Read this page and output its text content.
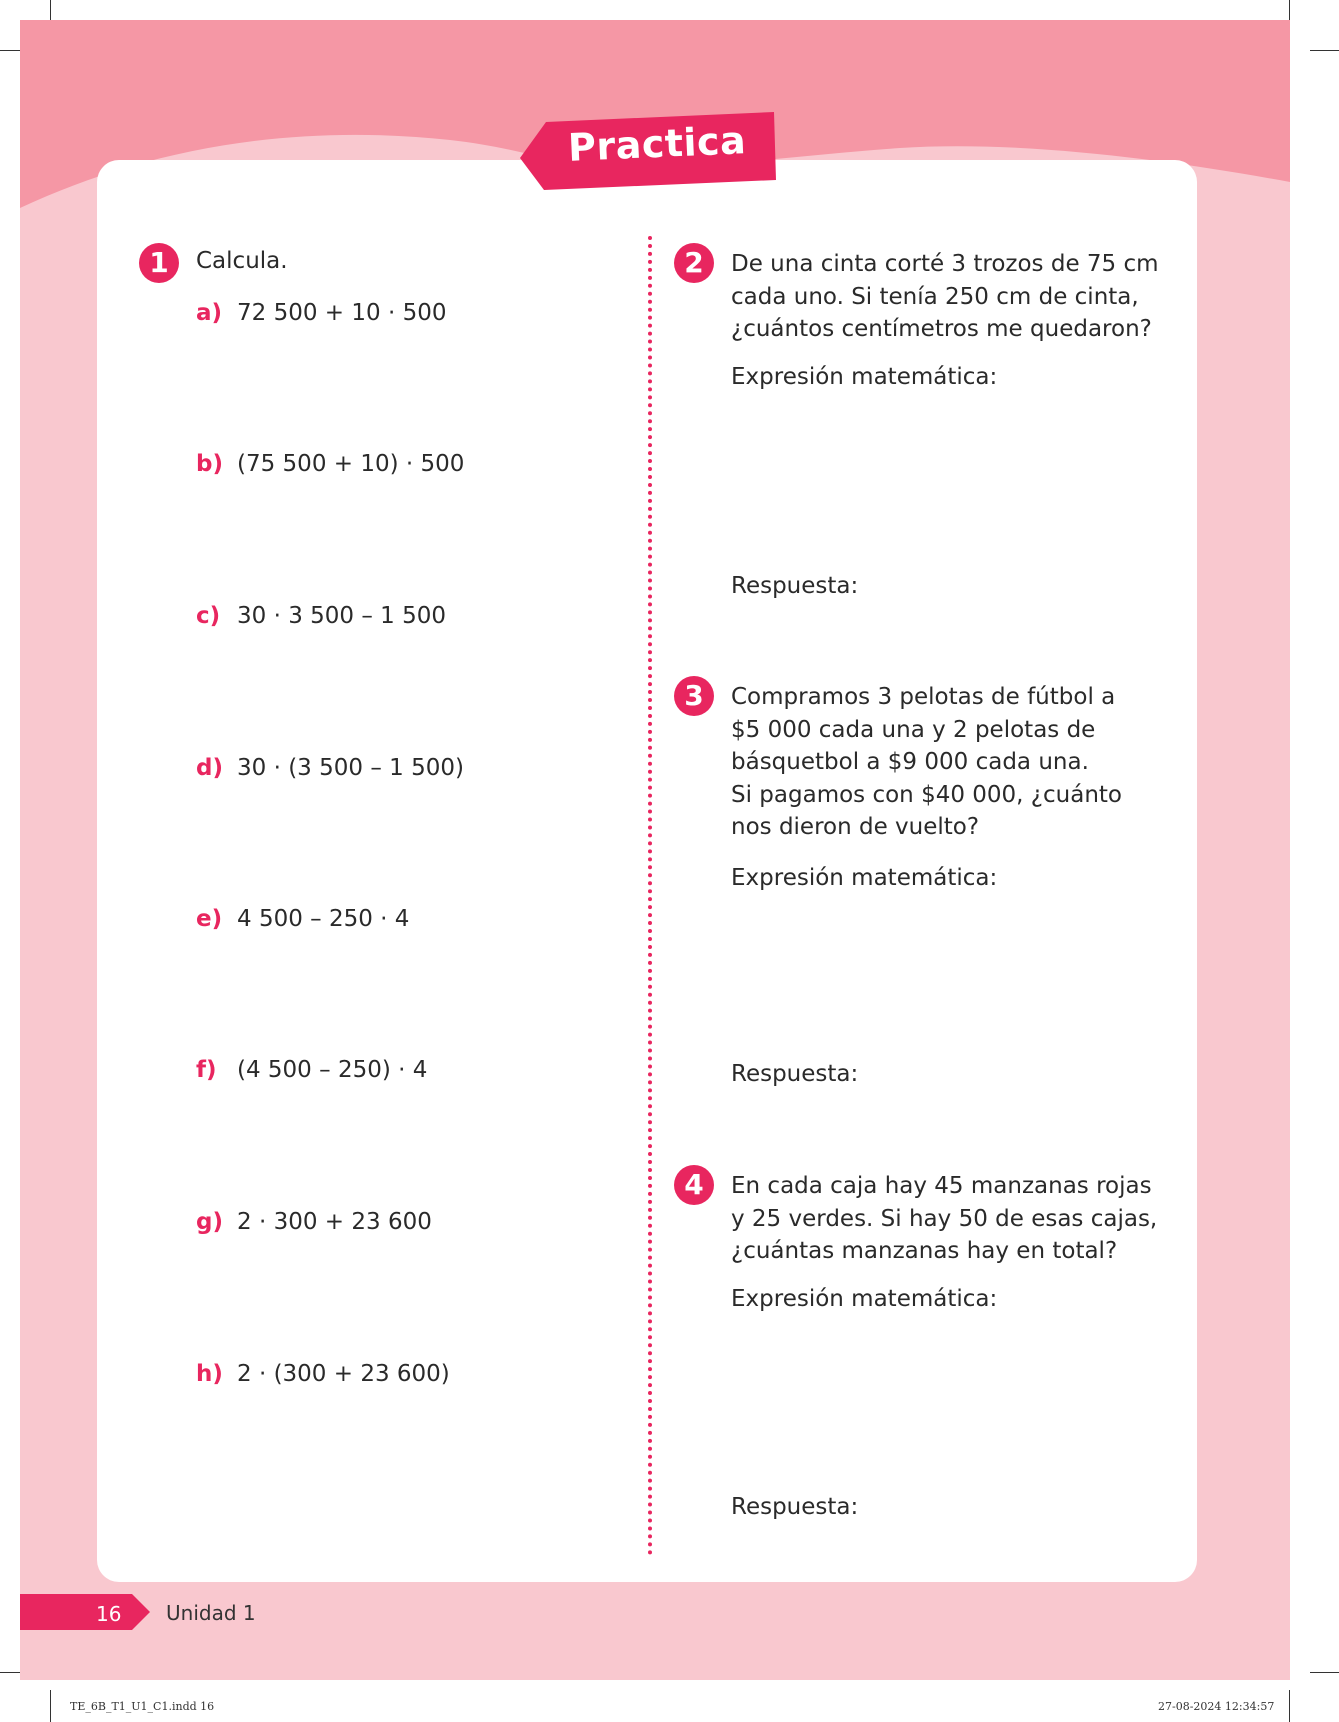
Practica
1	Calcula.
a) 72 500 + 10 · 500
b) (75 500 + 10) · 500
c) 30 · 3 500 – 1 500
d) 30 · (3 500 – 1 500)
e) 4 500 – 250 · 4
f) (4 500 – 250) · 4
g) 2 · 300 + 23 600
h) 2 · (300 + 23 600)
2	De una cinta corté 3 trozos de 75 cm
cada uno. Si tenía 250 cm de cinta,
¿cuántos centímetros me quedaron?
Expresión matemática:
Respuesta:
3	Compramos 3 pelotas de fútbol a
$5 000 cada una y 2 pelotas de
básquetbol a $9 000 cada una.
Si pagamos con $40 000, ¿cuánto
nos dieron de vuelto?
Expresión matemática:
Respuesta:
4	En cada caja hay 45 manzanas rojas
y 25 verdes. Si hay 50 de esas cajas,
¿cuántas manzanas hay en total?
Expresión matemática:
Respuesta:
16 Unidad 1
TE_6B_T1_U1_C1.indd 16	27-08-2024 12:34:57
